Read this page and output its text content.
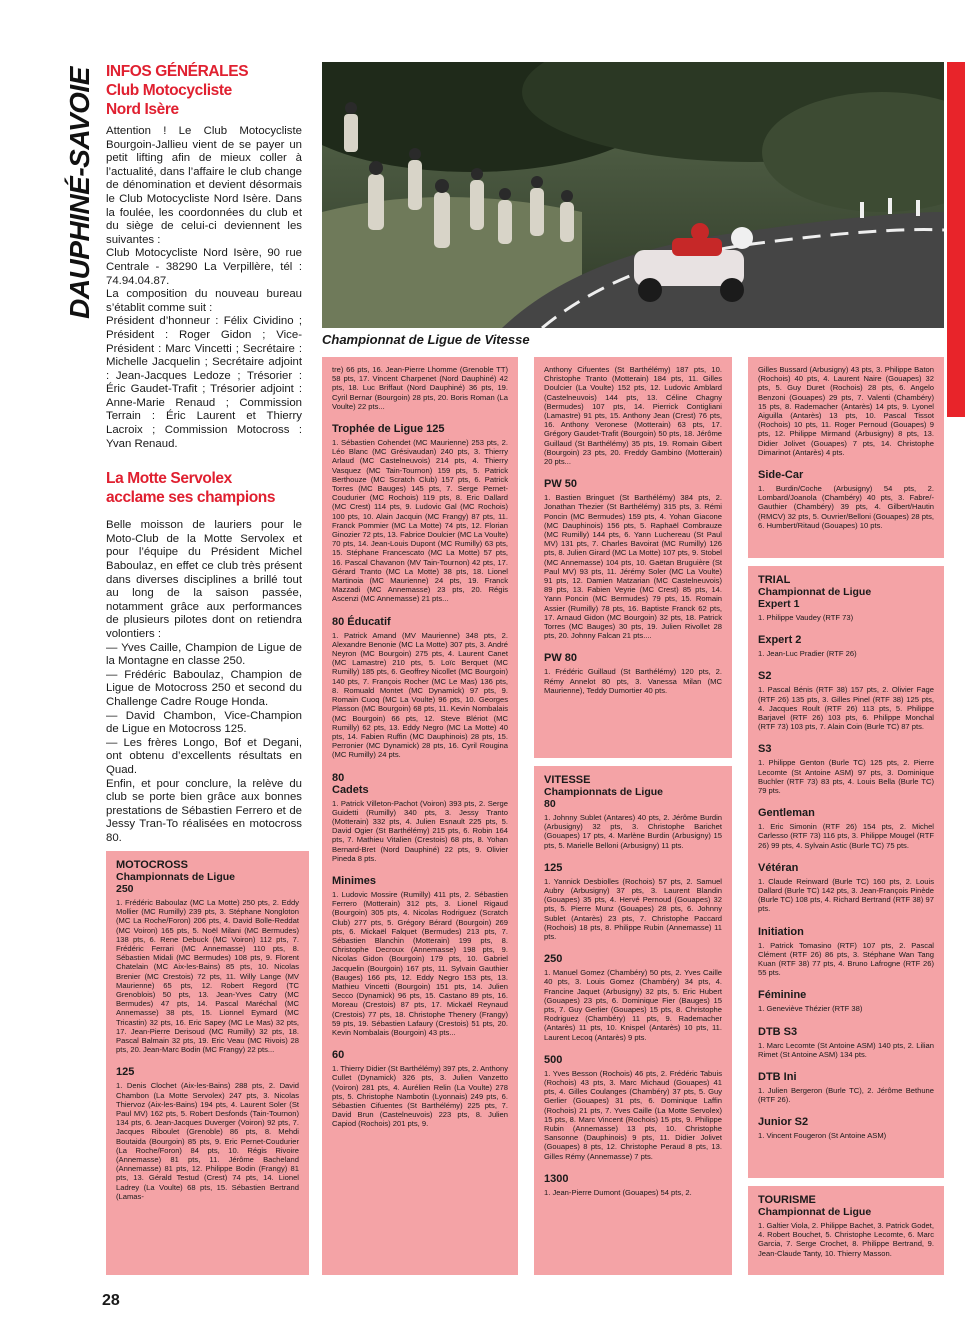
DAUPHINÉ-SAVOIE INFOS GÉNÉRALES
Club Motocycliste
Nord Isère

Attention ! Le Club Motocycliste Bourgoin-Jallieu vient de se payer un petit lifting afin de mieux coller à l’actualité, dans l’affaire le club change de dénomination et devient désormais le Club Motocycliste Nord Isère. Dans la foulée, les coordonnées du club et du siège de celui-ci deviennent les suivantes :

Club Motocycliste Nord Isère, 90 rue Centrale - 38290 La Verpillère, tél : 74.94.04.87.

La composition du nouveau bureau s’établit comme suit :

Président d’honneur : Félix Cividino ; Président : Roger Gidon ; Vice-Président : Marc Vincetti ; Secrétaire : Michelle Jacquelin ; Secrétaire adjoint : Jean-Jacques Ledoze ; Trésorier : Éric Gaudet-Trafit ; Trésorier adjoint : Anne-Marie Renaud ; Commission Terrain : Éric Laurent et Thierry Lacroix ; Commission Motocross : Yvan Renaud.

La Motte Servolex
acclame ses champions

Belle moisson de lauriers pour le Moto-Club de la Motte Servolex et pour l’équipe du Président Michel Baboulaz, en effet ce club très présent dans diverses disciplines a brillé tout au long de la saison passée, notamment grâce aux performances de plusieurs pilotes dont on retiendra volontiers :

— Yves Caille, Champion de Ligue de la Montagne en classe 250.

— Frédéric Baboulaz, Champion de Ligue de Motocross 250 et second du Challenge Cadre Rouge Honda.

— David Chambon, Vice-Champion de Ligue en Motocross 125.

— Les frères Longo, Bof et Degani, ont obtenu d’excellents résultats en Quad.

Enfin, et pour conclure, la relève du club se porte bien grâce aux bonnes prestations de Sébastien Ferrero et de Jessy Tran-To réalisées en motocross 80.

Championnat de Ligue de Vitesse
MOTOCROSS
Championnats de Ligue
250

1. Frédéric Baboulaz (MC La Motte) 250 pts, 2. Eddy Mollier (MC Rumilly) 239 pts, 3. Stéphane Nongloton (MC La Roche/Foron) 206 pts, 4. David Bolle-Reddat (MC Voiron) 165 pts, 5. Noël Milani (MC Bermudes) 138 pts, 6. Rene Debuck (MC Voiron) 112 pts, 7. Frédéric Ferrari (MC Annemasse) 110 pts, 8. Sébastien Midali (MC Bermudes) 108 pts, 9. Florent Chatelain (MC Aix-les-Bains) 85 pts, 10. Nicolas Brenier (MC Crestois) 72 pts, 11. Willy Lange (MV Maurienne) 65 pts, 12. Robert Regord (TC Grenoblois) 50 pts, 13. Jean-Yves Catry (MC Bermudes) 47 pts, 14. Pascal Maréchal (MC Annemasse) 38 pts, 15. Lionnel Eymard (MC Tricastin) 32 pts, 16. Eric Sapey (MC Le Mas) 32 pts, 17. Jean-Pierre Derisoud (MC Rumilly) 32 pts, 18. Pascal Balmain 32 pts, 19. Eric Veau (MC Rivois) 28 pts, 20. Jean-Marc Bodin (MC Frangy) 22 pts...

125

1. Denis Clochet (Aix-les-Bains) 288 pts, 2. David Chambon (La Motte Servolex) 247 pts, 3. Nicolas Thiervoz (Aix-les-Bains) 194 pts, 4. Laurent Soler (St Paul MV) 162 pts, 5. Robert Desfonds (Tain-Tournon) 134 pts, 6. Jean-Jacques Duverger (Voiron) 92 pts, 7. Jacques Riboulet (Grenoble) 86 pts, 8. Mehdi Boutaida (Bourgoin) 85 pts, 9. Eric Pernet-Coudurier (La Roche/Foron) 84 pts, 10. Régis Rivoire (Annemasse) 81 pts, 11. Jérôme Bacheland (Annemasse) 81 pts, 12. Philippe Bodin (Frangy) 81 pts, 13. Gérald Testud (Crest) 74 pts, 14. Lionel Ladrey (La Voulte) 68 pts, 15. Sébastien Bertrand (Lamas-

tre) 66 pts, 16. Jean-Pierre Lhomme (Grenoble TT) 58 pts, 17. Vincent Charpenet (Nord Dauphiné) 42 pts, 18. Luc Briffaut (Nord Dauphiné) 36 pts, 19. Cyril Bernar (Bourgoin) 28 pts, 20. Boris Roman (La Voulte) 22 pts...

Trophée de Ligue 125

1. Sébastien Cohendet (MC Maurienne) 253 pts, 2. Léo Blanc (MC Grésivaudan) 240 pts, 3. Thierry Arlaud (MC Castelneuvois) 214 pts, 4. Thierry Vasquez (MC Tain-Tournon) 159 pts, 5. Patrick Berthouze (MC Scratch Club) 157 pts, 6. Patrick Torres (MC Bauges) 145 pts, 7. Serge Pernet-Coudurier (MC Rochois) 119 pts, 8. Eric Dallard (MC Crest) 114 pts, 9. Ludovic Gal (MC Rochois) 100 pts, 10. Alain Jacquin (MC Frangy) 87 pts, 11. Franck Pommier (MC La Motte) 74 pts, 12. Florian Ginozier 72 pts, 13. Fabrice Doulcier (MC La Voulte) 70 pts, 14. Jean-Louis Dupont (MC Rumilly) 63 pts, 15. Stéphane Francescato (MC La Motte) 57 pts, 16. Pascal Chavanon (MV Tain-Tournon) 42 pts, 17. Gérard Tranto (MC La Motte) 38 pts, 18. Lionel Martinoia (MC Maurienne) 24 pts, 19. Franck Mazzadi (MC Annemasse) 23 pts, 20. Régis Ascenzi (MC Annemasse) 21 pts...

80 Éducatif

1. Patrick Amand (MV Maurienne) 348 pts, 2. Alexandre Benonie (MC La Motte) 307 pts, 3. André Neyron (MC Bourgoin) 275 pts, 4. Laurent Canet (MC Lamastre) 210 pts, 5. Loïc Berquet (MC Rumilly) 185 pts, 6. Geoffrey Nicollet (MC Bourgoin) 140 pts, 7. François Rocher (MC Le Mas) 136 pts, 8. Romuald Montet (MC Dynamick) 97 pts, 9. Romain Cuoq (MC La Voulte) 96 pts, 10. Georges Plasson (MC Bourgoin) 68 pts, 11. Kevin Nombalais (MC Bourgoin) 66 pts, 12. Steve Blériot (MC Rumilly) 62 pts, 13. Eddy Negro (MC La Motte) 40 pts, 14. Fabien Ruffin (MC Dauphinois) 28 pts, 15. Perronier (MC Dynamick) 28 pts, 16. Cyril Rougina (MC Rumilly) 24 pts.

80
Cadets

1. Patrick Villeton-Pachot (Voiron) 393 pts, 2. Serge Guidetti (Rumilly) 340 pts, 3. Jessy Tranto (Motterain) 332 pts, 4. Julien Esnault 225 pts, 5. David Ogier (St Barthélémy) 215 pts, 6. Robin 164 pts, 7. Mathieu Vitalien (Crestois) 68 pts, 8. Yohan Bernard-Bret (Nord Dauphiné) 22 pts, 9. Olivier Pineda 8 pts.

Minimes

1. Ludovic Mossire (Rumilly) 411 pts, 2. Sébastien Ferrero (Motterain) 312 pts, 3. Lionel Rigaud (Bourgoin) 305 pts, 4. Nicolas Rodriguez (Scratch Club) 277 pts, 5. Grégory Bérard (Bourgoin) 269 pts, 6. Mickaël Falquet (Bermudes) 213 pts, 7. Sébastien Blanchin (Motterain) 199 pts, 8. Christophe Decroux (Annemasse) 198 pts, 9. Nicolas Gidon (Bourgoin) 179 pts, 10. Gabriel Jacquelin (Bourgoin) 167 pts, 11. Sylvain Gauthier (Bauges) 166 pts, 12. Eddy Negro 153 pts, 13. Mathieu Vincetti (Bourgoin) 151 pts, 14. Julien Secco (Dynamick) 96 pts, 15. Castano 89 pts, 16. Moreau (Crestois) 87 pts, 17. Mickaël Reynaud (Crestois) 77 pts, 18. Christophe Thenery (Frangy) 59 pts, 19. Sébastien Lafaury (Crestois) 51 pts, 20. Kevin Nombalais (Bourgoin) 43 pts...

60

1. Thierry Didier (St Barthélémy) 397 pts, 2. Anthony Cullet (Dynamick) 326 pts, 3. Julien Vanzetto (Voiron) 281 pts, 4. Aurélien Relin (La Voulte) 278 pts, 5. Christophe Nambotin (Lyonnais) 249 pts, 6. Sébastien Cifuentes (St Barthélémy) 225 pts, 7. David Brun (Castelneuvois) 223 pts, 8. Julien Capiod (Rochois) 201 pts, 9.

Anthony Cifuentes (St Barthélémy) 187 pts, 10. Christophe Tranto (Motterain) 184 pts, 11. Gilles Doulcier (La Voulte) 152 pts, 12. Ludovic Amblard (Castelneuvois) 144 pts, 13. Céline Chagny (Bermudes) 107 pts, 14. Pierrick Contigliani (Lamastre) 91 pts, 15. Anthony Jean (Crest) 76 pts, 16. Anthony Veronese (Motterain) 63 pts, 17. Grégory Gaudet-Trafit (Bourgoin) 50 pts, 18. Jérôme Guillaud (St Barthélémy) 35 pts, 19. Romain Gibert (Bourgoin) 23 pts, 20. Freddy Gambino (Motterain) 20 pts...

PW 50

1. Bastien Bringuet (St Barthélémy) 384 pts, 2. Jonathan Thezier (St Barthélémy) 315 pts, 3. Rémi Poncin (MC Bermudes) 159 pts, 4. Yohan Giacone (MC Dauphinois) 156 pts, 5. Raphaël Combrauze (MC Rumilly) 144 pts, 6. Yann Luchereau (St Paul MV) 131 pts, 7. Charles Bavoirat (MC Rumilly) 126 pts, 8. Julien Girard (MC La Motte) 107 pts, 9. Stobel (MC Annemasse) 104 pts, 10. Gaëtan Bruguière (St Paul MV) 93 pts, 11. Jérémy Soler (MC La Voulte) 91 pts, 12. Damien Matzarian (MC Castelneuvois) 89 pts, 13. Fabien Veyrie (MC Crest) 85 pts, 14. Yann Poncin (MC Bermudes) 79 pts, 15. Romain Assier (Rumilly) 78 pts, 16. Baptiste Franck 62 pts, 17. Arnaud Gidon (MC Bourgoin) 32 pts, 18. Patrick Torres (MC Bauges) 30 pts, 19. Julien Rivollet 28 pts, 20. Johnny Falcan 21 pts....

PW 80

1. Frédéric Guillaud (St Barthélémy) 120 pts, 2. Rémy Annelot 80 pts, 3. Vanessa Milan (MC Maurienne), Teddy Dumortier 40 pts.

VITESSE
Championnats de Ligue
80

1. Johnny Sublet (Antares) 40 pts, 2. Jérôme Burdin (Arbusigny) 32 pts, 3. Christophe Barichet (Gouapes) 17 pts, 4. Marlène Burdin (Arbusigny) 15 pts, 5. Marielle Belloni (Arbusigny) 11 pts.

125

1. Yannick Desbiolles (Rochois) 57 pts, 2. Samuel Aubry (Arbusigny) 37 pts, 3. Laurent Blandin (Gouapes) 35 pts, 4. Hervé Pernoud (Gouapes) 32 pts, 5. Pierre Munz (Gouapes) 28 pts, 6. Johnny Sublet (Antarès) 23 pts, 7. Christophe Paccard (Rochois) 18 pts, 8. Philippe Rubin (Annemasse) 11 pts.

250

1. Manuel Gomez (Chambéry) 50 pts, 2. Yves Caille 40 pts, 3. Louis Gomez (Chambéry) 34 pts, 4. Francine Jaquet (Arbusigny) 32 pts, 5. Eric Hubert (Gouapes) 23 pts, 6. Dominique Fier (Bauges) 15 pts, 7. Guy Gerlier (Gouapes) 15 pts, 8. Christophe Rodriguez (Chambéry) 11 pts, 9. Rademacher (Antarès) 11 pts, 10. Knispel (Antarès) 10 pts, 11. Laurent Lecoq (Antarès) 9 pts.

500

1. Yves Besson (Rochois) 46 pts, 2. Frédéric Tabuis (Rochois) 43 pts, 3. Marc Michaud (Gouapes) 41 pts, 4. Gilles Coulanges (Chambéry) 37 pts, 5. Guy Gerlier (Gouapes) 31 pts, 6. Dominique Laffin (Rochois) 21 pts, 7. Yves Caille (La Motte Servolex) 15 pts, 8. Marc Vincent (Rochois) 15 pts, 9. Philippe Rubin (Annemasse) 13 pts, 10. Christophe Sansonne (Dauphinois) 9 pts, 11. Didier Jolivet (Gouapes) 8 pts, 12. Christophe Peraud 8 pts, 13. Gilles Rémy (Annemasse) 7 pts.

1300

1. Jean-Pierre Dumont (Gouapes) 54 pts, 2.

Gilles Bussard (Arbusigny) 43 pts, 3. Philippe Baton (Rochois) 40 pts, 4. Laurent Naire (Gouapes) 32 pts, 5. Guy Duret (Rochois) 28 pts, 6. Angelo Benzoni (Gouapes) 29 pts, 7. Valenti (Chambéry) 15 pts, 8. Rademacher (Antarès) 14 pts, 9. Lyonel Aiguilla (Antarès) 13 pts, 10. Pascal Tissot (Rochois) 10 pts, 11. Roger Pernoud (Gouapes) 9 pts, 12. Philippe Mirmand (Arbusigny) 8 pts, 13. Didier Jolivet (Gouapes) 7 pts, 14. Christophe Dimarinot (Antarès) 4 pts.

Side-Car

1. Burdin/Coche (Arbusigny) 54 pts, 2. Lombard/Joanola (Chambéry) 40 pts, 3. Fabre/-Gauthier (Chambéry) 39 pts, 4. Gilbert/Hautin (RMCV) 32 pts, 5. Ouvrier/Belloni (Gouapes) 28 pts, 6. Humbert/Ritaud (Gouapes) 10 pts.

TRIAL
Championnat de Ligue
Expert 1

1. Philippe Vaudey (RTF 73)

Expert 2

1. Jean-Luc Pradier (RTF 26)

S2

1. Pascal Bénis (RTF 38) 157 pts, 2. Olivier Fage (RTF 26) 135 pts, 3. Gilles Pinel (RTF 38) 125 pts, 4. Jacques Roult (RTF 26) 113 pts, 5. Philippe Barjavel (RTF 26) 103 pts, 6. Philippe Monchal (RTF 73) 103 pts, 7. Alain Coin (Burle TC) 87 pts.

S3

1. Philippe Genton (Burle TC) 125 pts, 2. Pierre Lecomte (St Antoine ASM) 97 pts, 3. Dominique Buchler (RTF 73) 83 pts, 4. Louis Bella (Burle TC) 79 pts.

Gentleman

1. Eric Simonin (RTF 26) 154 pts, 2. Michel Carlesso (RTF 73) 116 pts, 3. Philippe Mougel (RTF 26) 99 pts, 4. Sylvain Astic (Burle TC) 75 pts.

Vétéran

1. Claude Reinward (Burle TC) 160 pts, 2. Louis Dallard (Burle TC) 142 pts, 3. Jean-François Pinède (Burle TC) 108 pts, 4. Richard Bertrand (RTF 38) 97 pts.

Initiation

1. Patrick Tomasino (RTF) 107 pts, 2. Pascal Clément (RTF 26) 86 pts, 3. Stéphane Wan Tang Kuan (RTF 38) 77 pts, 4. Bruno Lafrogne (RTF 26) 55 pts.

Féminine

1. Geneviève Thézier (RTF 38)

DTB S3

1. Marc Lecomte (St Antoine ASM) 140 pts, 2. Lilian Rimet (St Antoine ASM) 134 pts.

DTB Ini

1. Julien Bergeron (Burle TC), 2. Jérôme Bethune (RTF 26).

Junior S2

1. Vincent Fougeron (St Antoine ASM)

TOURISME
Championnat de Ligue

1. Galtier Viola, 2. Philippe Bachet, 3. Patrick Godet, 4. Robert Bouchet, 5. Christophe Lecomte, 6. Marc Garcia, 7. Serge Crochet, 8. Philippe Bertrand, 9. Jean-Claude Tanty, 10. Thierry Masson.

28
